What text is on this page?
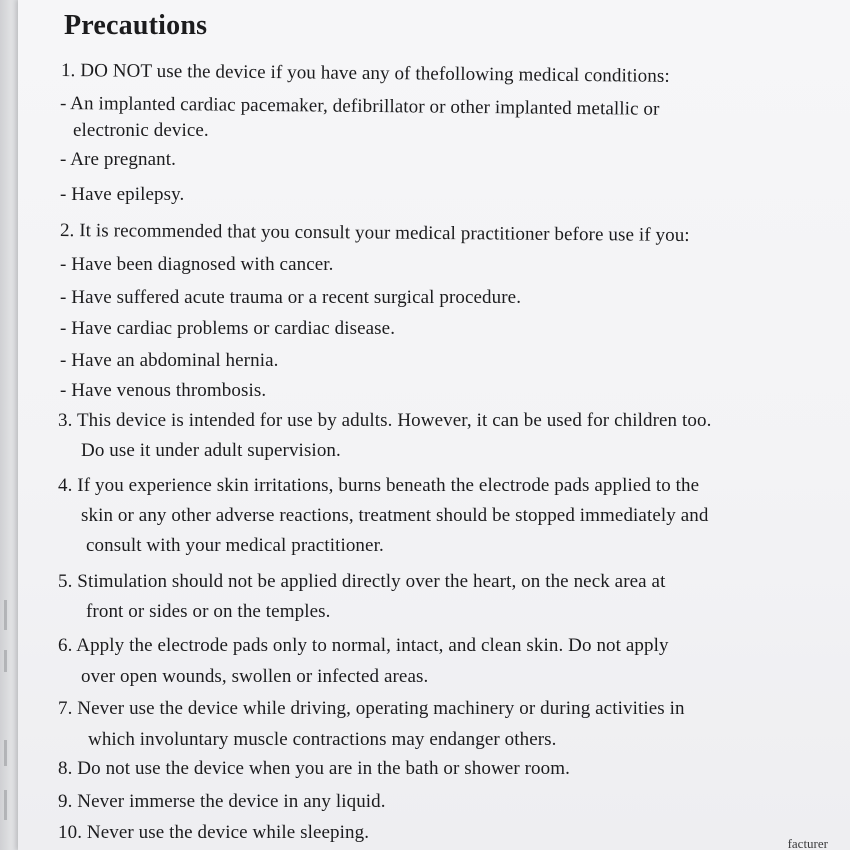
Precautions

1. DO NOT use the device if you have any of thefollowing medical conditions:

- An implanted cardiac pacemaker, defibrillator or other implanted metallic or

electronic device.

- Are pregnant.

- Have epilepsy.

2. It is recommended that you consult your medical practitioner before use if you:

- Have been diagnosed with cancer.

- Have suffered acute trauma or a recent surgical procedure.

- Have cardiac problems or cardiac disease.

- Have an abdominal hernia.

- Have venous thrombosis.

3. This device is intended for use by adults. However, it can be used for children too.

Do use it under adult supervision.

4. If you experience skin irritations, burns beneath the electrode pads applied to the

skin or any other adverse reactions, treatment should be stopped immediately and

consult with your medical practitioner.

5. Stimulation should not be applied directly over the heart, on the neck area at

front or sides or on the temples.

6. Apply the electrode pads only to normal, intact, and clean skin. Do not apply

over open wounds, swollen or infected areas.

7. Never use the device while driving, operating machinery or during activities in

which involuntary muscle contractions may endanger others.

8. Do not use the device when you are in the bath or shower room.

9. Never immerse the device in any liquid.

10. Never use the device while sleeping.

facturer
